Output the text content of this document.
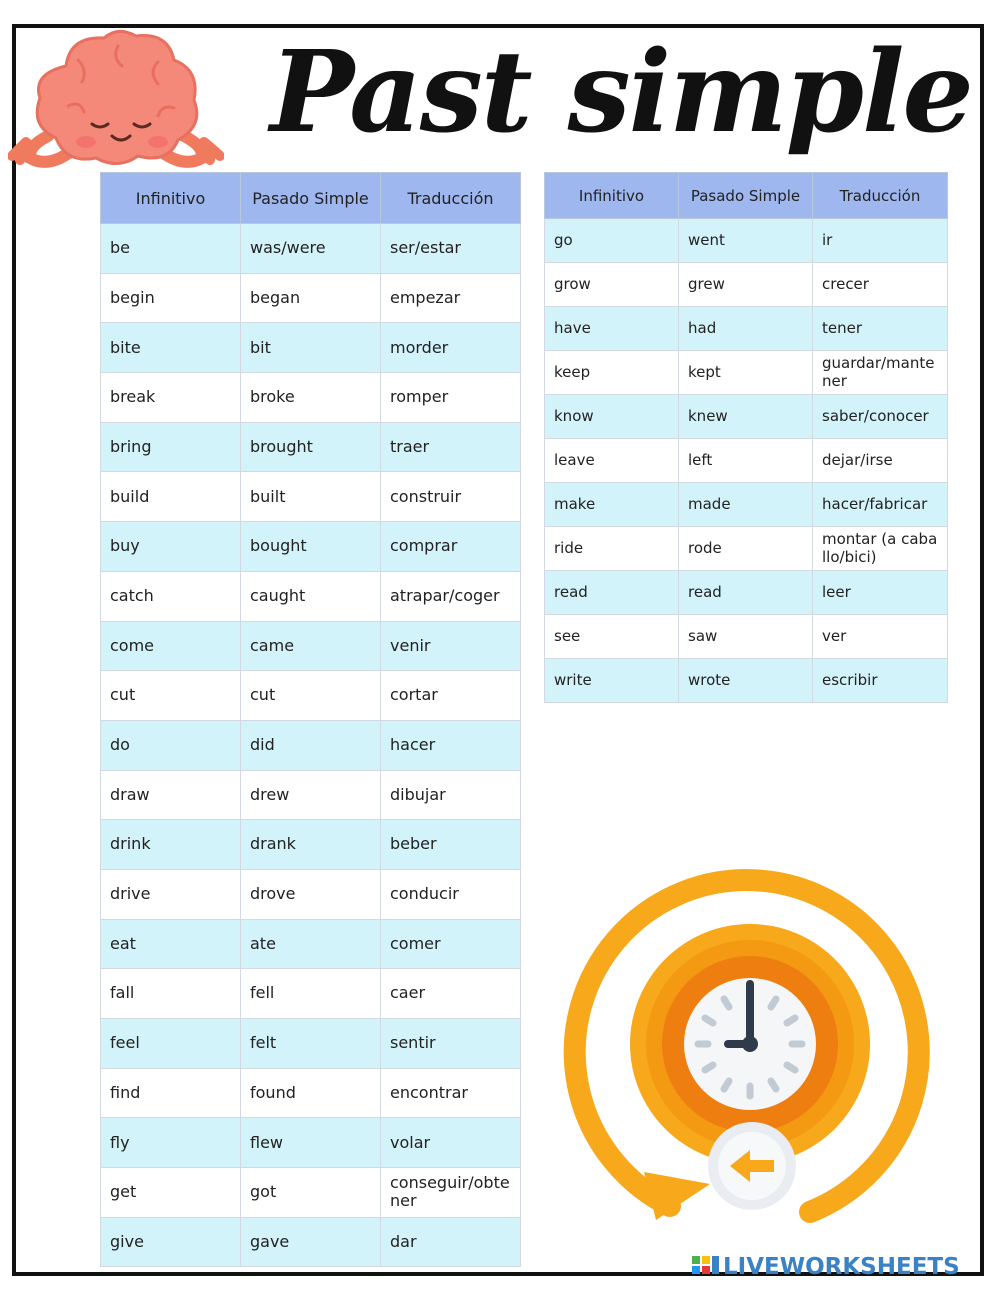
Past simple
Infinitivo	Pasado Simple	Traducción
be	was/were	ser/estar
begin	began	empezar
bite	bit	morder
break	broke	romper
bring	brought	traer
build	built	construir
buy	bought	comprar
catch	caught	atrapar/coger
come	came	venir
cut	cut	cortar
do	did	hacer
draw	drew	dibujar
drink	drank	beber
drive	drove	conducir
eat	ate	comer
fall	fell	caer
feel	felt	sentir
find	found	encontrar
fly	flew	volar
get	got	conseguir/obtener
give	gave	dar
Infinitivo	Pasado Simple	Traducción
go	went	ir
grow	grew	crecer
have	had	tener
keep	kept	guardar/mantener
know	knew	saber/conocer
leave	left	dejar/irse
make	made	hacer/fabricar
ride	rode	montar (a caballo/bici)
read	read	leer
see	saw	ver
write	wrote	escribir
LIVEWORKSHEETS
